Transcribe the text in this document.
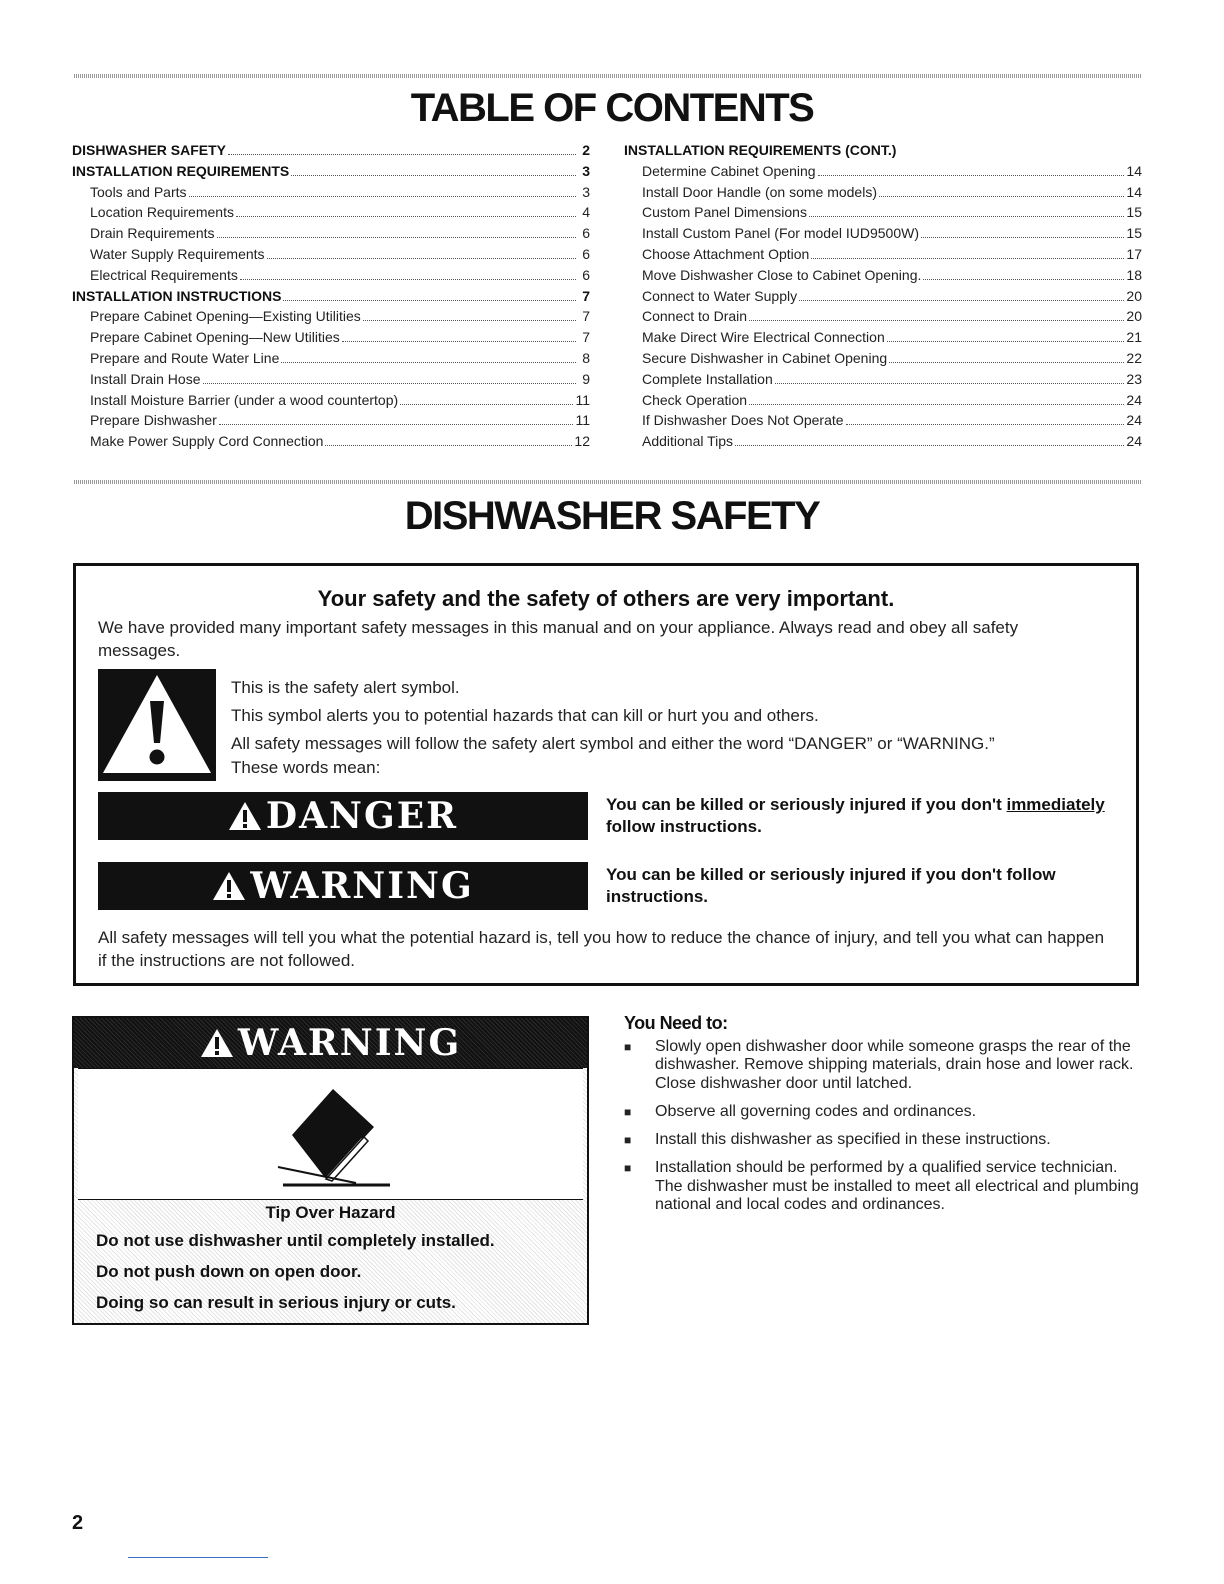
TABLE OF CONTENTS
DISHWASHER SAFETY	2
INSTALLATION REQUIREMENTS	3
Tools and Parts	3
Location Requirements	4
Drain Requirements	6
Water Supply Requirements	6
Electrical Requirements	6
INSTALLATION INSTRUCTIONS	7
Prepare Cabinet Opening—Existing Utilities	7
Prepare Cabinet Opening—New Utilities	7
Prepare and Route Water Line	8
Install Drain Hose	9
Install Moisture Barrier (under a wood countertop)	11
Prepare Dishwasher	11
Make Power Supply Cord Connection	12
INSTALLATION REQUIREMENTS (CONT.)
Determine Cabinet Opening	14
Install Door Handle (on some models)	14
Custom Panel Dimensions	15
Install Custom Panel (For model IUD9500W)	15
Choose Attachment Option	17
Move Dishwasher Close to Cabinet Opening.	18
Connect to Water Supply	20
Connect to Drain	20
Make Direct Wire Electrical Connection	21
Secure Dishwasher in Cabinet Opening	22
Complete Installation	23
Check Operation	24
If Dishwasher Does Not Operate	24
Additional Tips	24
DISHWASHER SAFETY
Your safety and the safety of others are very important.
We have provided many important safety messages in this manual and on your appliance. Always read and obey all safety messages.
This is the safety alert symbol.
This symbol alerts you to potential hazards that can kill or hurt you and others.
All safety messages will follow the safety alert symbol and either the word “DANGER” or “WARNING.”
These words mean:
DANGER	You can be killed or seriously injured if you don't immediately follow instructions.
WARNING	You can be killed or seriously injured if you don't follow instructions.
All safety messages will tell you what the potential hazard is, tell you how to reduce the chance of injury, and tell you what can happen if the instructions are not followed.
WARNING
Tip Over Hazard
Do not use dishwasher until completely installed.
Do not push down on open door.
Doing so can result in serious injury or cuts.
You Need to:
■	Slowly open dishwasher door while someone grasps the rear of the dishwasher. Remove shipping materials, drain hose and lower rack. Close dishwasher door until latched.
■	Observe all governing codes and ordinances.
■	Install this dishwasher as specified in these instructions.
■	Installation should be performed by a qualified service technician. The dishwasher must be installed to meet all electrical and plumbing national and local codes and ordinances.
2
